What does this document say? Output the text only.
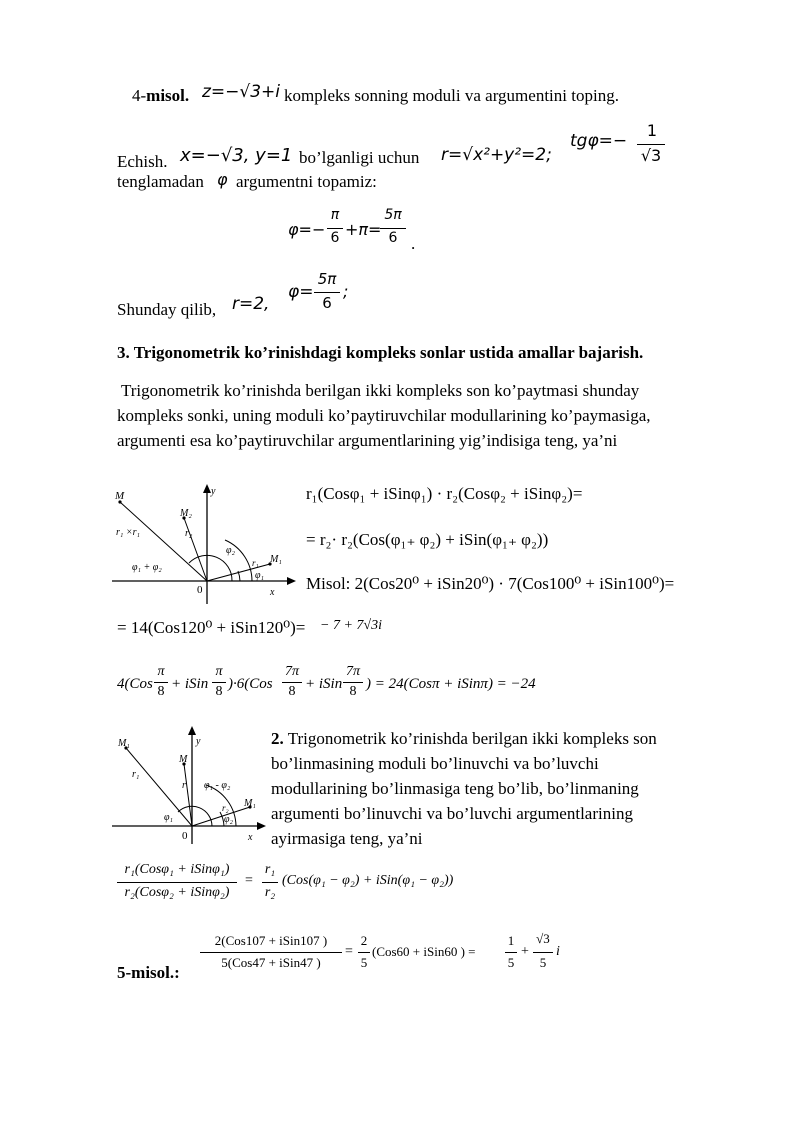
4-misol. z=−√3+i kompleks sonning moduli va argumentini toping.
Echish. x=−√3, y=1 bo’lganligi uchun r=√x²+y²=2;
tgφ=−
1
√3
tenglamadan φ argumentni topamiz:
φ=−
π
6 +π=
5π
6 .
Shunday qilib, r=2,
φ=
5π
6
;
3. Trigonometrik ko’rinishdagi kompleks sonlar ustida amallar bajarish.
Trigonometrik ko’rinishda berilgan ikki kompleks son ko’paytmasi shunday
kompleks sonki, uning moduli ko’paytiruvchilar modullarining ko’paymasiga,
argumenti esa ko’paytiruvchilar argumentlarining yig’indisiga teng, ya’ni
M
M₂
M₁
y
x
0
r₁ ×r₁	r₂
r₁
φ₂
φ₁
φ₁ + φ₂
r₁(Cosφ₁ + iSinφ₁) · r₂(Cosφ₂ + iSinφ₂)=
= r₂· r₂(Cos(φ₁₊ φ₂) + iSin(φ₁₊ φ₂))
Misol: 2(Cos20⁰ + iSin20⁰) · 7(Cos100⁰ + iSin100⁰)=
= 14(Cos120⁰ + iSin120⁰)= − 7 + 7√3i
4(Cos
π
8 + iSin
π
8 )·6(Cos
7π
8 + iSin
7π
8 ) = 24(Cosπ + iSinπ) = −24
M₁
M
M₁
y
x
0
r₁
r
r₂
φ₁ - φ₂
φ₂
φ₁
2. Trigonometrik ko’rinishda berilgan ikki kompleks son
bo’linmasining moduli bo’linuvchi va bo’luvchi
modullarining bo’linmasiga teng bo’lib, bo’linmaning
argumenti bo’linuvchi va bo’luvchi argumentlarining
ayirmasiga teng, ya’ni
r₁(Cosφ₁ + iSinφ₁)
r₂(Cosφ₂ + iSinφ₂)
=
r₁
r₂
(Cos(φ₁ − φ₂) + iSin(φ₁ − φ₂))
5-misol.:
2(Cos107 + iSin107 )
5(Cos47 + iSin47 )
=
2
5
(Cos60 + iSin60 ) =
1
5
+
√3
5
i
